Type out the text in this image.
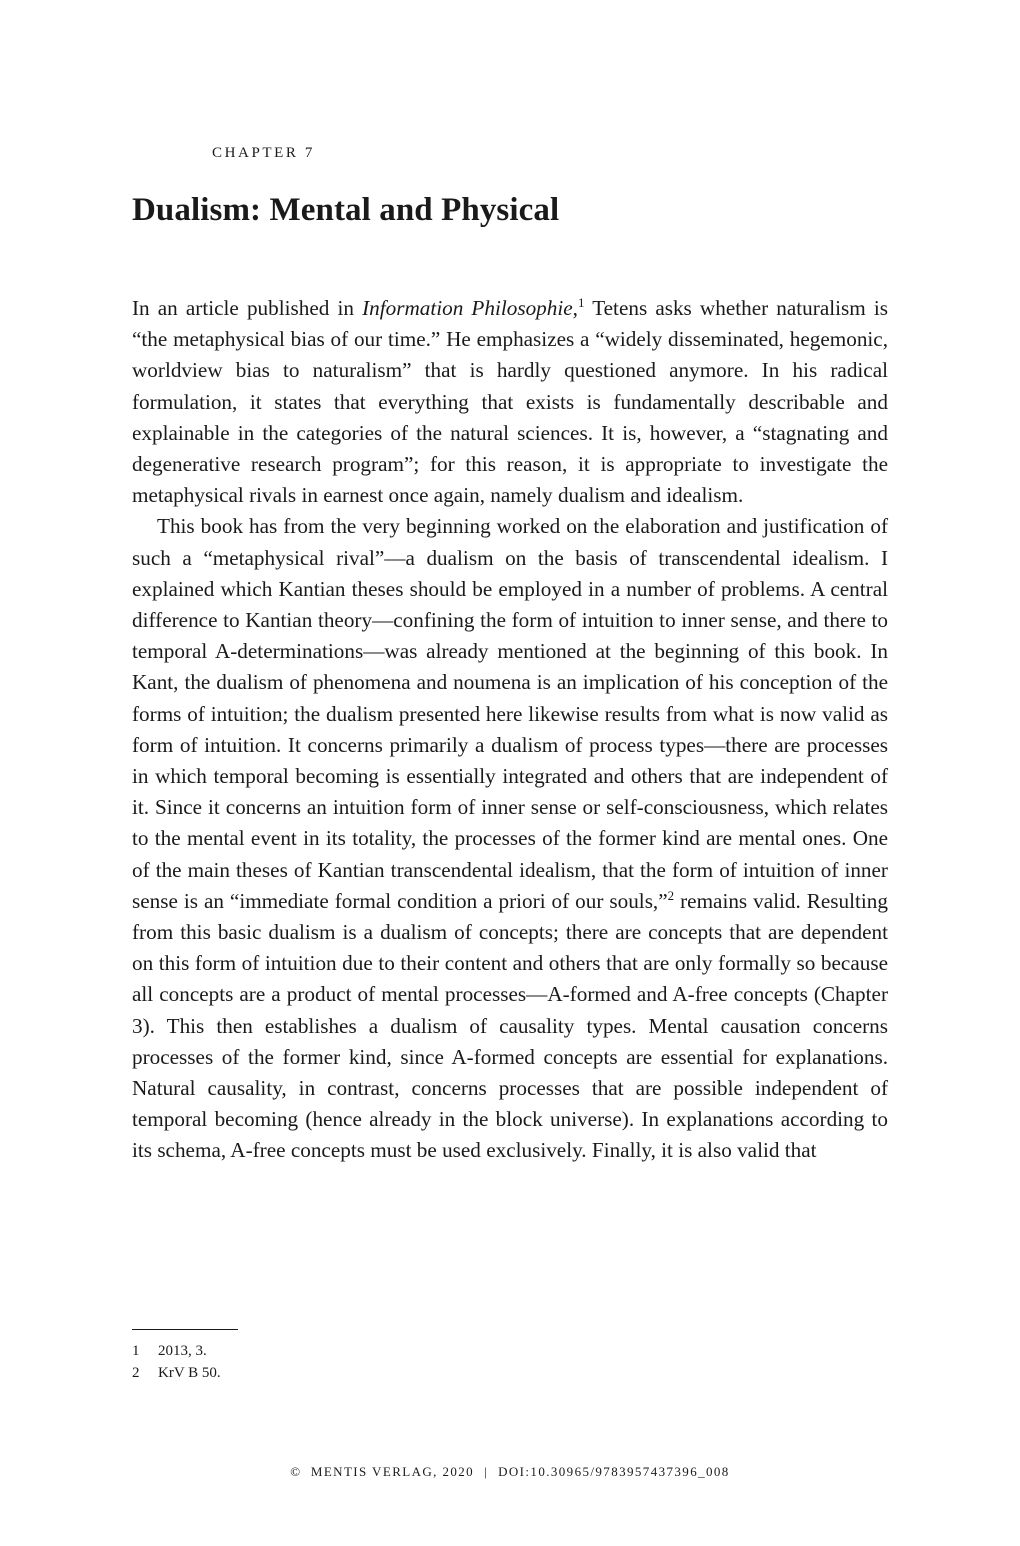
CHAPTER 7
Dualism: Mental and Physical

In an article published in Information Philosophie,$^1$ Tetens asks whether naturalism is “the metaphysical bias of our time.” He emphasizes a “widely disseminated, hegemonic, worldview bias to naturalism” that is hardly questioned anymore. In his radical formulation, it states that everything that exists is fundamentally describable and explainable in the categories of the natural sciences. It is, however, a “stagnating and degenerative research program”; for this reason, it is appropriate to investigate the metaphysical rivals in earnest once again, namely dualism and idealism.

This book has from the very beginning worked on the elaboration and justification of such a “metaphysical rival”—a dualism on the basis of transcendental idealism. I explained which Kantian theses should be employed in a number of problems. A central difference to Kantian theory—confining the form of intuition to inner sense, and there to temporal A-determinations—was already mentioned at the beginning of this book. In Kant, the dualism of phenomena and noumena is an implication of his conception of the forms of intuition; the dualism presented here likewise results from what is now valid as form of intuition. It concerns primarily a dualism of process types—there are processes in which temporal becoming is essentially integrated and others that are independent of it. Since it concerns an intuition form of inner sense or self-consciousness, which relates to the mental event in its totality, the processes of the former kind are mental ones. One of the main theses of Kantian transcendental idealism, that the form of intuition of inner sense is an “immediate formal condition a priori of our souls,”$^2$ remains valid. Resulting from this basic dualism is a dualism of concepts; there are concepts that are dependent on this form of intuition due to their content and others that are only formally so because all concepts are a product of mental processes—A-formed and A-free concepts (Chapter 3). This then establishes a dualism of causality types. Mental causation concerns processes of the former kind, since A-formed concepts are essential for explanations. Natural causality, in contrast, concerns processes that are possible independent of temporal becoming (hence already in the block universe). In explanations according to its schema, A-free concepts must be used exclusively. Finally, it is also valid that

1	2013, 3.
2	KrV B 50.
©  MENTIS VERLAG, 2020 | DOI:10.30965/9783957437396_008
